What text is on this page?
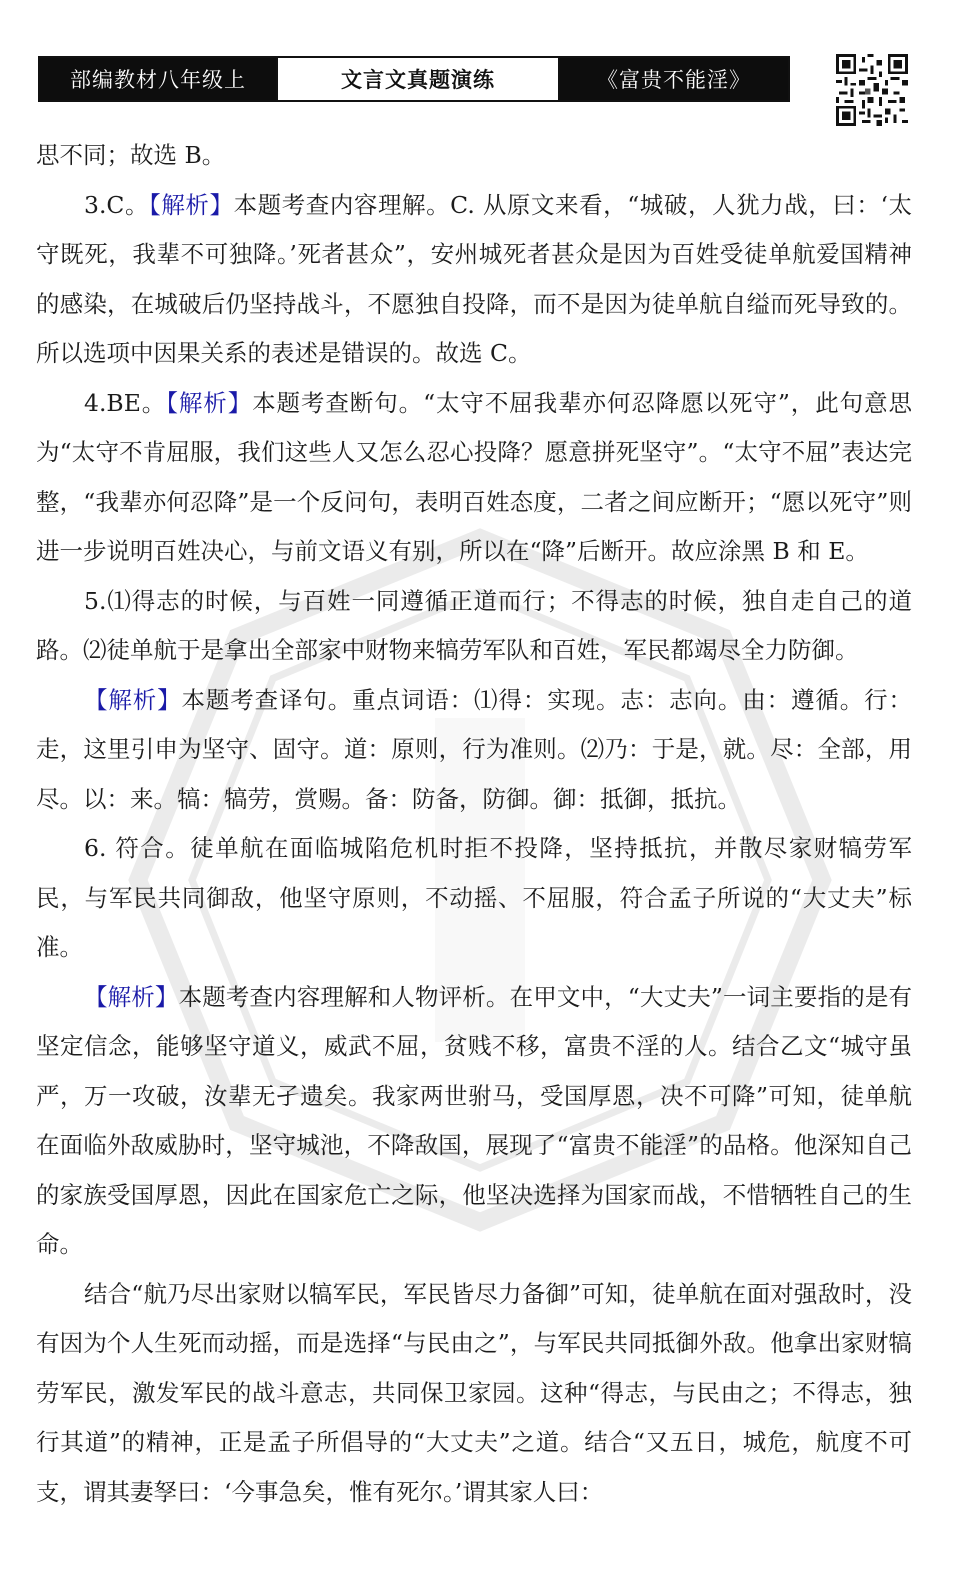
部编教材八年级上	文言文真题演练	《富贵不能淫》

思不同；故选 B。

3.C。【解析】本题考查内容理解。C. 从原文来看，“城破，人犹力战，曰：‘太守既死，我辈不可独降。’死者甚众”，安州城死者甚众是因为百姓受徒单航爱国精神的感染，在城破后仍坚持战斗，不愿独自投降，而不是因为徒单航自缢而死导致的。所以选项中因果关系的表述是错误的。故选 C。

4.BE。【解析】本题考查断句。“太守不屈我辈亦何忍降愿以死守”，此句意思为“太守不肯屈服，我们这些人又怎么忍心投降？愿意拼死坚守”。“太守不屈”表达完整，“我辈亦何忍降”是一个反问句，表明百姓态度，二者之间应断开；“愿以死守”则进一步说明百姓决心，与前文语义有别，所以在“降”后断开。故应涂黑 B 和 E。

5.⑴得志的时候，与百姓一同遵循正道而行；不得志的时候，独自走自己的道路。⑵徒单航于是拿出全部家中财物来犒劳军队和百姓，军民都竭尽全力防御。

【解析】本题考查译句。重点词语：⑴得：实现。志：志向。由：遵循。行：走，这里引申为坚守、固守。道：原则，行为准则。⑵乃：于是，就。尽：全部，用尽。以：来。犒：犒劳，赏赐。备：防备，防御。御：抵御，抵抗。

6. 符合。徒单航在面临城陷危机时拒不投降，坚持抵抗，并散尽家财犒劳军民，与军民共同御敌，他坚守原则，不动摇、不屈服，符合孟子所说的“大丈夫”标准。

【解析】本题考查内容理解和人物评析。在甲文中，“大丈夫”一词主要指的是有坚定信念，能够坚守道义，威武不屈，贫贱不移，富贵不淫的人。结合乙文“城守虽严，万一攻破，汝辈无孑遗矣。我家两世驸马，受国厚恩，决不可降”可知，徒单航在面临外敌威胁时，坚守城池，不降敌国，展现了“富贵不能淫”的品格。他深知自己的家族受国厚恩，因此在国家危亡之际，他坚决选择为国家而战，不惜牺牲自己的生命。

结合“航乃尽出家财以犒军民，军民皆尽力备御”可知，徒单航在面对强敌时，没有因为个人生死而动摇，而是选择“与民由之”，与军民共同抵御外敌。他拿出家财犒劳军民，激发军民的战斗意志，共同保卫家园。这种“得志，与民由之；不得志，独行其道”的精神，正是孟子所倡导的“大丈夫”之道。结合“又五日，城危，航度不可支，谓其妻孥曰：‘今事急矣，惟有死尔。’谓其家人曰：
